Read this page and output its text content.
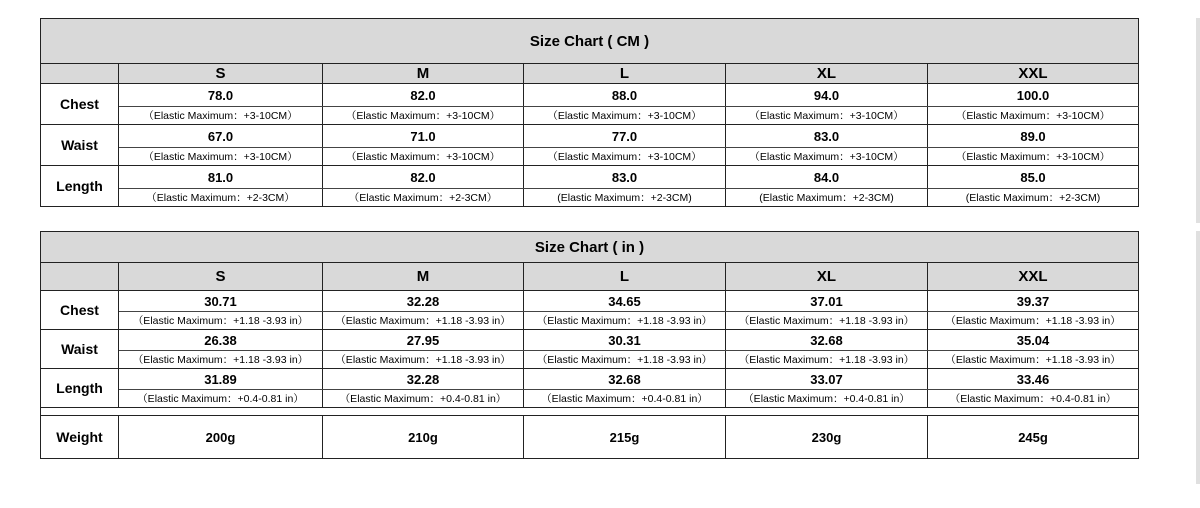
Size Chart ( CM )					
	S	M	L	XL	XXL
Chest	78.0	82.0	88.0	94.0	100.0
	（Elastic Maximum：+3-10CM）	（Elastic Maximum：+3-10CM）	（Elastic Maximum：+3-10CM）	（Elastic Maximum：+3-10CM）	（Elastic Maximum：+3-10CM）
Waist	67.0	71.0	77.0	83.0	89.0
	（Elastic Maximum：+3-10CM）	（Elastic Maximum：+3-10CM）	（Elastic Maximum：+3-10CM）	（Elastic Maximum：+3-10CM）	（Elastic Maximum：+3-10CM）
Length	81.0	82.0	83.0	84.0	85.0
	（Elastic Maximum：+2-3CM）	（Elastic Maximum：+2-3CM）	(Elastic Maximum：+2-3CM)	(Elastic Maximum：+2-3CM)	(Elastic Maximum：+2-3CM)
Size Chart ( in )					
	S	M	L	XL	XXL
Chest	30.71	32.28	34.65	37.01	39.37
	（Elastic Maximum：+1.18 -3.93 in）	（Elastic Maximum：+1.18 -3.93 in）	（Elastic Maximum：+1.18 -3.93 in）	（Elastic Maximum：+1.18 -3.93 in）	（Elastic Maximum：+1.18 -3.93 in）
Waist	26.38	27.95	30.31	32.68	35.04
	（Elastic Maximum：+1.18 -3.93 in）	（Elastic Maximum：+1.18 -3.93 in）	（Elastic Maximum：+1.18 -3.93 in）	（Elastic Maximum：+1.18 -3.93 in）	（Elastic Maximum：+1.18 -3.93 in）
Length	31.89	32.28	32.68	33.07	33.46
	（Elastic Maximum：+0.4-0.81 in）	（Elastic Maximum：+0.4-0.81 in）	（Elastic Maximum：+0.4-0.81 in）	（Elastic Maximum：+0.4-0.81 in）	（Elastic Maximum：+0.4-0.81 in）

Weight	200g	210g	215g	230g	245g
